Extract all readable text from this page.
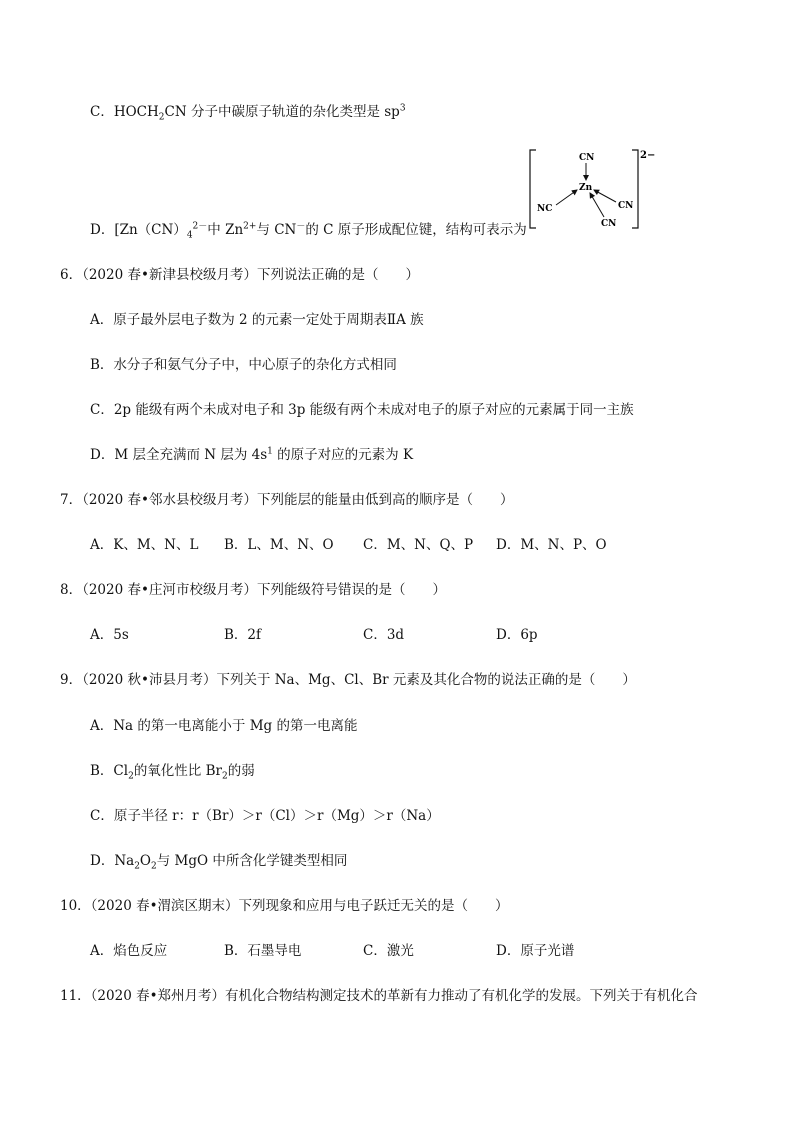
C．$HOCH_2CN$ 分子中碳原子轨道的杂化类型是 $sp^3$
D．[$Zn(CN)_4^{2-}$中 $Zn^{2+}$与 CN－的 C 原子形成配位键，结构可表示为
2−
Zn
CN
NC	CN
CN
6．（2020 春•新津县校级月考）下列说法正确的是（　　）
A．原子最外层电子数为 2 的元素一定处于周期表ⅡA 族
B．水分子和氨气分子中，中心原子的杂化方式相同
C．2p 能级有两个未成对电子和 3p 能级有两个未成对电子的原子对应的元素属于同一主族
D．M 层全充满而 N 层为 $4s^1$ 的原子对应的元素为 K
7．（2020 春•邻水县校级月考）下列能层的能量由低到高的顺序是（　　）
A．K、M、N、L B．L、M、N、O C．M、N、Q、P D．M、N、P、O
8．（2020 春•庄河市校级月考）下列能级符号错误的是（　　）
A．5s	B．2f	C．3d	D．6p
9．（2020 秋•沛县月考）下列关于 Na、Mg、Cl、Br 元素及其化合物的说法正确的是（　　）
A．Na 的第一电离能小于 Mg 的第一电离能
B．$Cl_2$的氧化性比 $Br_2$的弱
C．原子半径 r：r（Br）＞r（Cl）＞r（Mg）＞r（Na）
D．$Na_2O_2$与 MgO 中所含化学键类型相同
10．（2020 春•渭滨区期末）下列现象和应用与电子跃迁无关的是（　　）
A．焰色反应	B．石墨导电	C．激光	D．原子光谱
11．（2020 春•郑州月考）有机化合物结构测定技术的革新有力推动了有机化学的发展。下列关于有机化合
